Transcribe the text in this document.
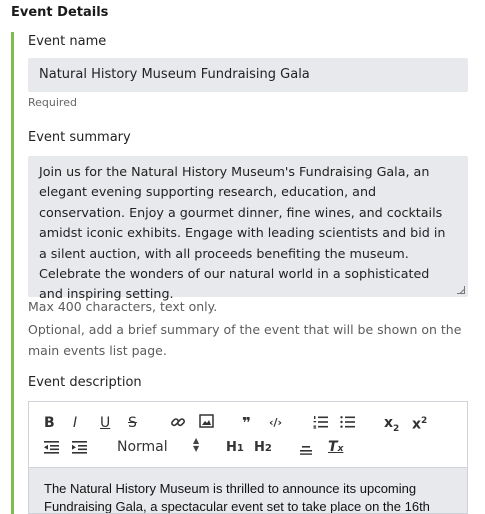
Event Details
Event name
Natural History Museum Fundraising Gala
Required
Event summary
Join us for the Natural History Museum's Fundraising Gala, an elegant evening supporting research, education, and conservation. Enjoy a gourmet dinner, fine wines, and cocktails amidst iconic exhibits. Engage with leading scientists and bid in a silent auction, with all proceeds benefiting the museum. Celebrate the wonders of our natural world in a sophisticated and inspiring setting.
Max 400 characters, text only.
Optional, add a brief summary of the event that will be shown on the main events list page.
Event description
B I U S	❞ ‹/›	$x_2$ $x^2$
Normal	▲
▼ H1 H2	Tx
The Natural History Museum is thrilled to announce its upcoming Fundraising Gala, a spectacular event set to take place on the 16th
